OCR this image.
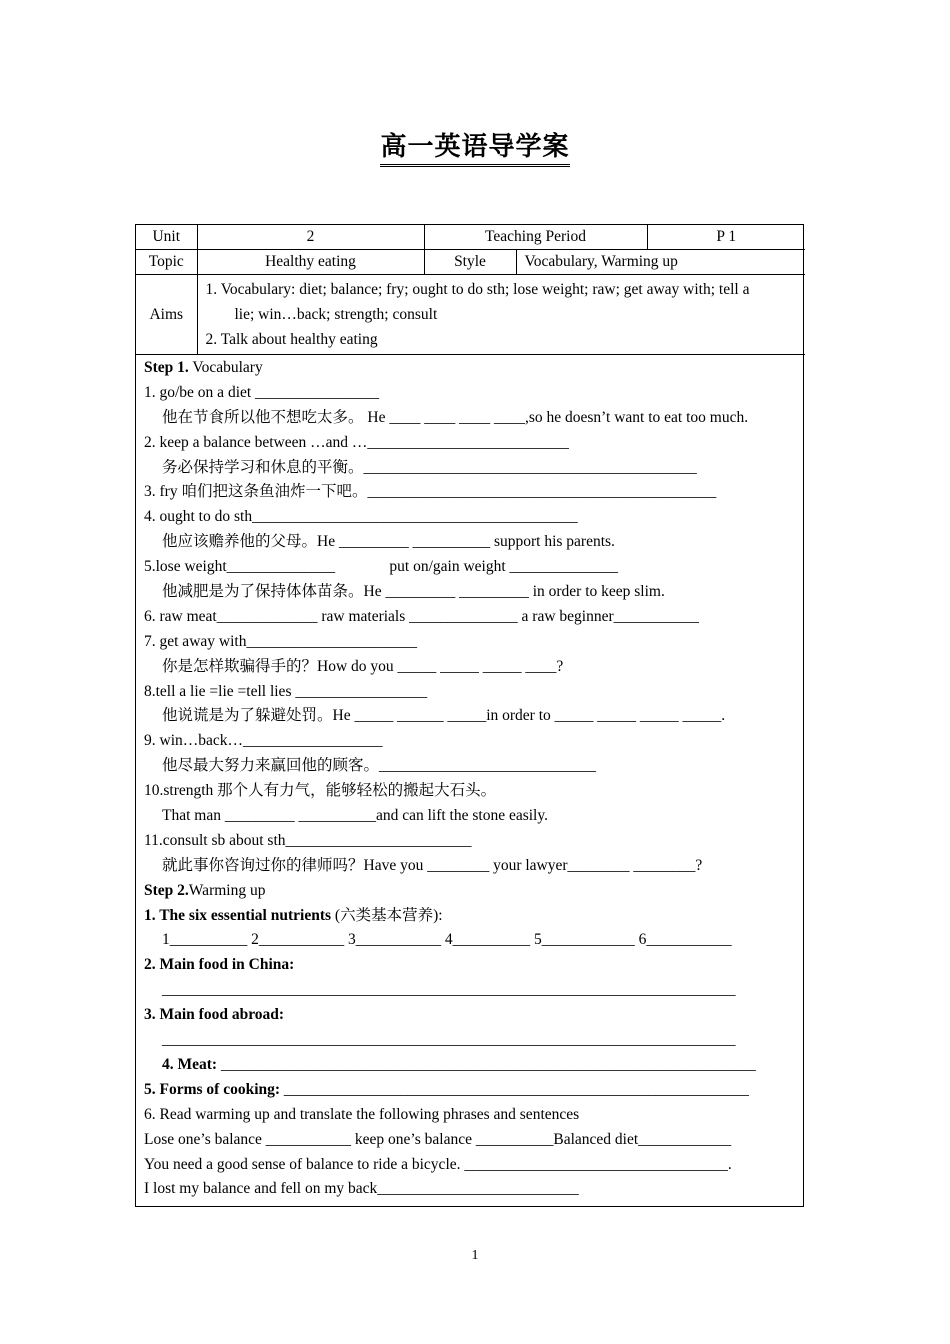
高一英语导学案
Unit	2	Teaching Period		P 1
Topic	Healthy eating	Style	Vocabulary, Warming up	
Aims	1. Vocabulary: diet; balance; fry; ought to do sth; lose weight; raw; get away with; tell a
lie; win…back; strength; consult
2. Talk about healthy eating			
Step 1. Vocabulary
1. go/be on a diet ________________
他在节食所以他不想吃太多。 He ____ ____ ____ ____,so he doesn’t want to eat too much.
2. keep a balance between …and …__________________________
务必保持学习和休息的平衡。___________________________________________
3. fry 咱们把这条鱼油炸一下吧。_____________________________________________
4. ought to do sth__________________________________________
他应该赡养他的父母。He _________ __________ support his parents.
5.lose weight______________              put on/gain weight ______________
他减肥是为了保持体体苗条。He _________ _________ in order to keep slim.
6. raw meat_____________ raw materials ______________ a raw beginner___________
7. get away with______________________
你是怎样欺骗得手的？How do you _____ _____ _____ ____?
8.tell a lie =lie =tell lies _________________
他说谎是为了躲避处罚。He _____ ______ _____in order to _____ _____ _____ _____.
9. win…back…__________________
他尽最大努力来赢回他的顾客。____________________________
10.strength 那个人有力气，能够轻松的搬起大石头。
That man _________ __________and can lift the stone easily.
11.consult sb about sth________________________
就此事你咨询过你的律师吗？Have you ________ your lawyer________ ________?
Step 2.Warming up
1. The six essential nutrients (六类基本营养):
1__________ 2___________ 3___________ 4__________ 5____________ 6___________
2. Main food in China:
__________________________________________________________________________
3. Main food abroad:
__________________________________________________________________________
4. Meat: _____________________________________________________________________
5. Forms of cooking: ____________________________________________________________
6. Read warming up and translate the following phrases and sentences
Lose one’s balance ___________ keep one’s balance __________Balanced diet____________
You need a good sense of balance to ride a bicycle. __________________________________.
I lost my balance and fell on my back__________________________
1
